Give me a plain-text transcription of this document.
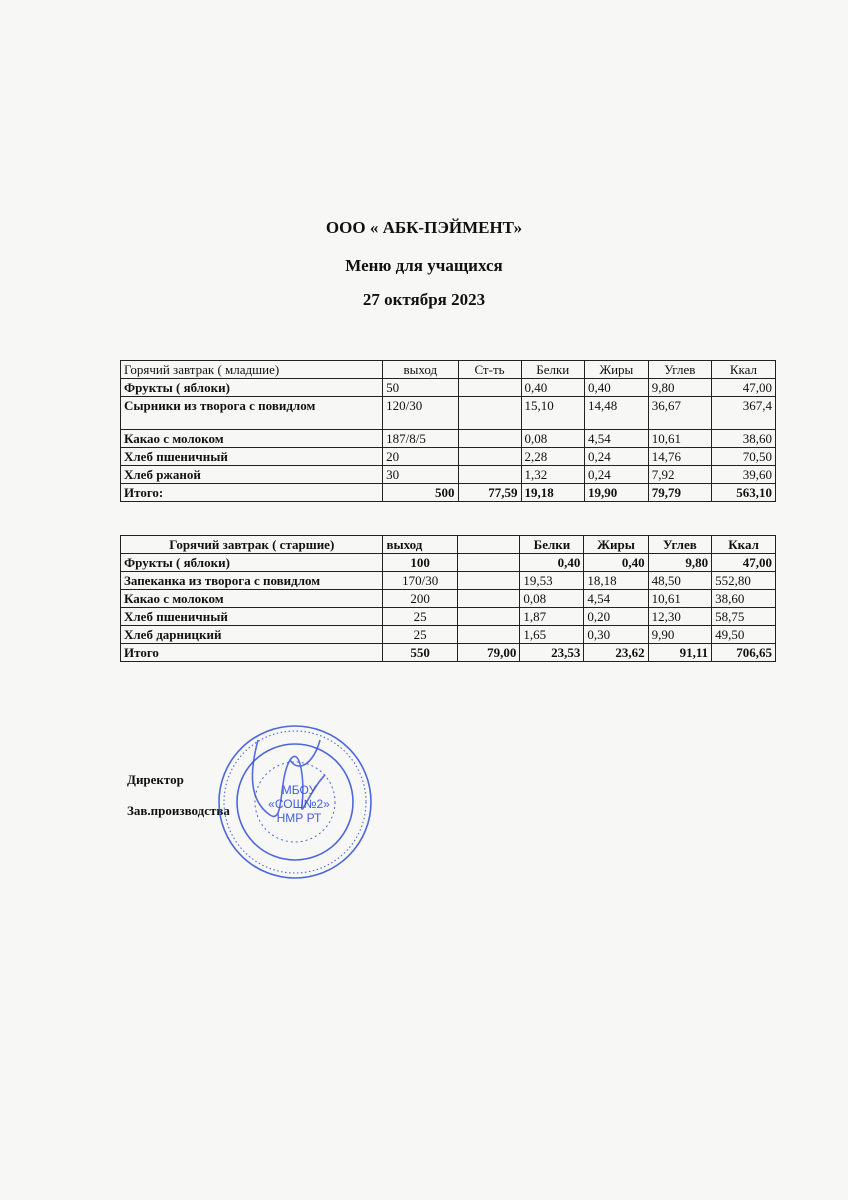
ООО « АБК-ПЭЙМЕНТ»
Меню для учащихся
27 октября 2023
Горячий завтрак ( младшие)	выход	Ст-ть	Белки	Жиры	Углев	Ккал
Фрукты ( яблоки)	50		0,40	0,40	9,80	47,00
Сырники из творога с повидлом	120/30		15,10	14,48	36,67	367,4
Какао с молоком	187/8/5		0,08	4,54	10,61	38,60
Хлеб пшеничный	20		2,28	0,24	14,76	70,50
Хлеб ржаной	30		1,32	0,24	7,92	39,60
Итого:	500	77,59	19,18	19,90	79,79	563,10
Горячий завтрак ( старшие)	выход		Белки	Жиры	Углев	Ккал
Фрукты ( яблоки)	100		0,40	0,40	9,80	47,00
Запеканка из творога с повидлом	170/30		19,53	18,18	48,50	552,80
Какао с молоком	200		0,08	4,54	10,61	38,60
Хлеб пшеничный	25		1,87	0,20	12,30	58,75
Хлеб дарницкий	25		1,65	0,30	9,90	49,50
Итого	550	79,00	23,53	23,62	91,11	706,65
Директор
Зав.производства
МБОУ
«СОШ№2»
НМР РТ
